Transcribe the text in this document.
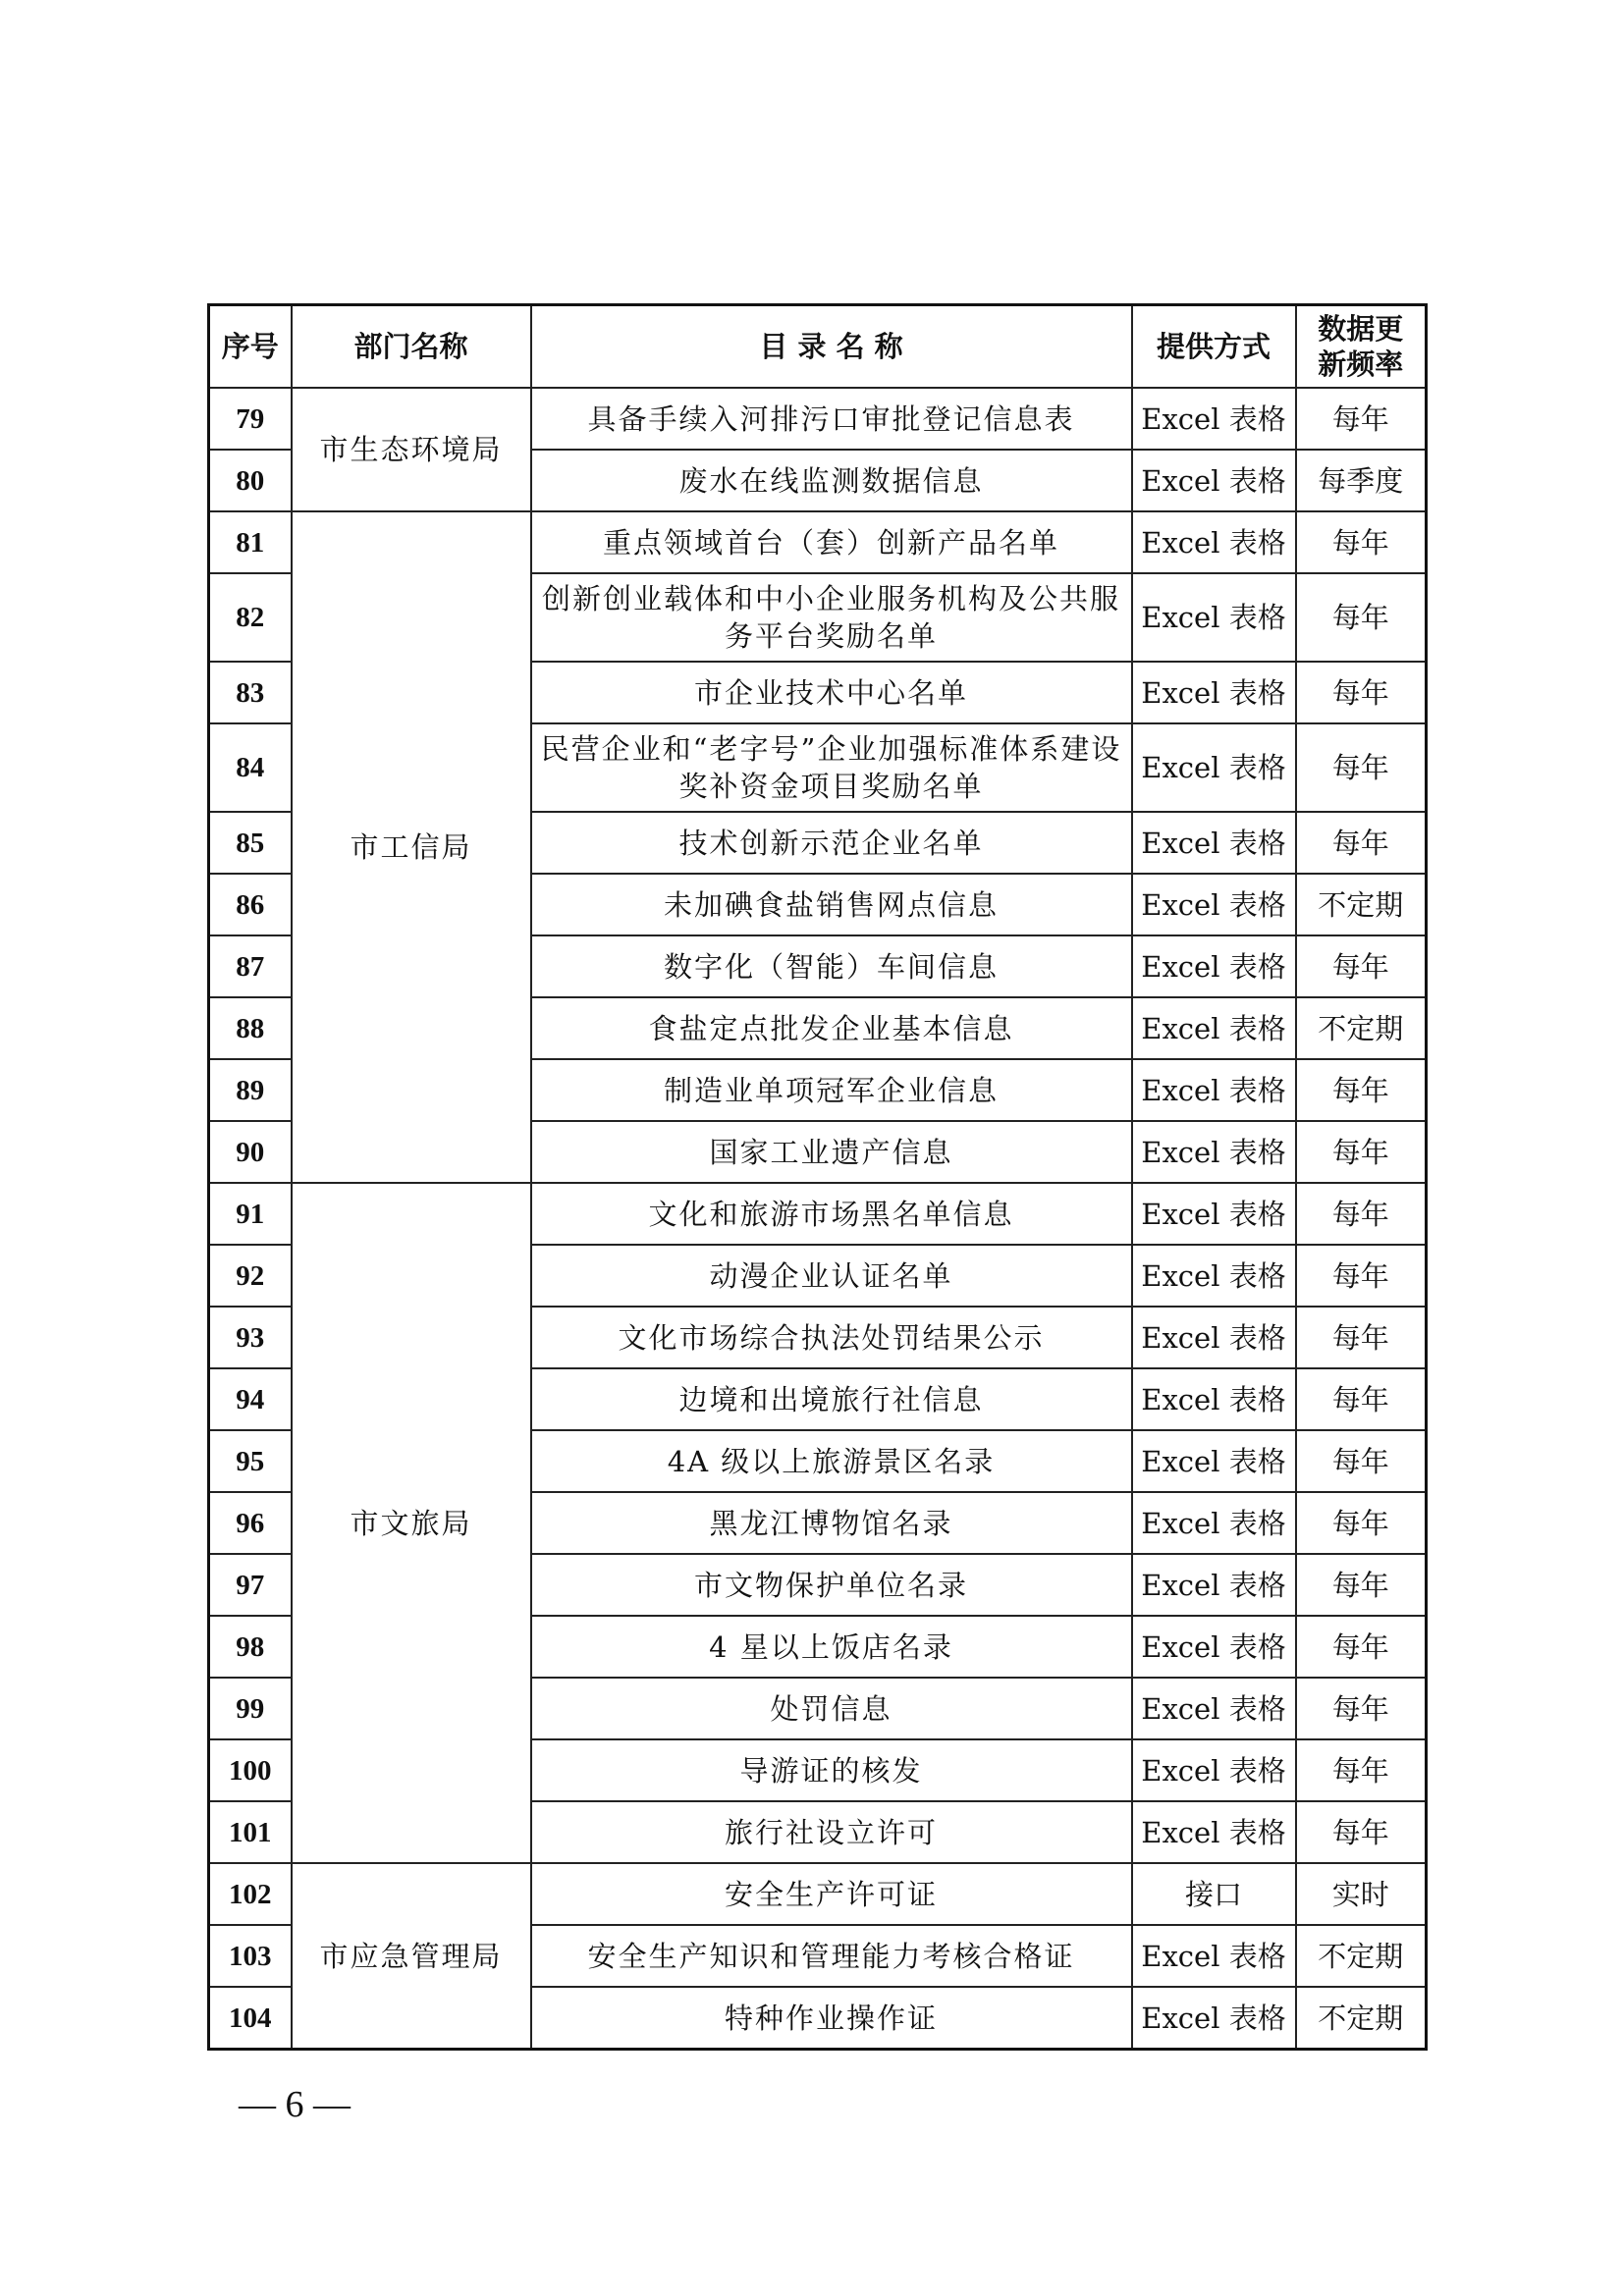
序号	部门名称	目 录 名 称	提供方式	数据更
新频率
79	市生态环境局	具备手续入河排污口审批登记信息表	Excel 表格	每年
80		废水在线监测数据信息	Excel 表格	每季度
81	市工信局	重点领域首台（套）创新产品名单	Excel 表格	每年
82		创新创业载体和中小企业服务机构及公共服务平台奖励名单	Excel 表格	每年
83		市企业技术中心名单	Excel 表格	每年
84		民营企业和“老字号”企业加强标准体系建设奖补资金项目奖励名单	Excel 表格	每年
85		技术创新示范企业名单	Excel 表格	每年
86		未加碘食盐销售网点信息	Excel 表格	不定期
87		数字化（智能）车间信息	Excel 表格	每年
88		食盐定点批发企业基本信息	Excel 表格	不定期
89		制造业单项冠军企业信息	Excel 表格	每年
90		国家工业遗产信息	Excel 表格	每年
91	市文旅局	文化和旅游市场黑名单信息	Excel 表格	每年
92		动漫企业认证名单	Excel 表格	每年
93		文化市场综合执法处罚结果公示	Excel 表格	每年
94		边境和出境旅行社信息	Excel 表格	每年
95		4A 级以上旅游景区名录	Excel 表格	每年
96		黑龙江博物馆名录	Excel 表格	每年
97		市文物保护单位名录	Excel 表格	每年
98		4 星以上饭店名录	Excel 表格	每年
99		处罚信息	Excel 表格	每年
100		导游证的核发	Excel 表格	每年
101		旅行社设立许可	Excel 表格	每年
102	市应急管理局	安全生产许可证	接口	实时
103		安全生产知识和管理能力考核合格证	Excel 表格	不定期
104		特种作业操作证	Excel 表格	不定期
— 6 —
